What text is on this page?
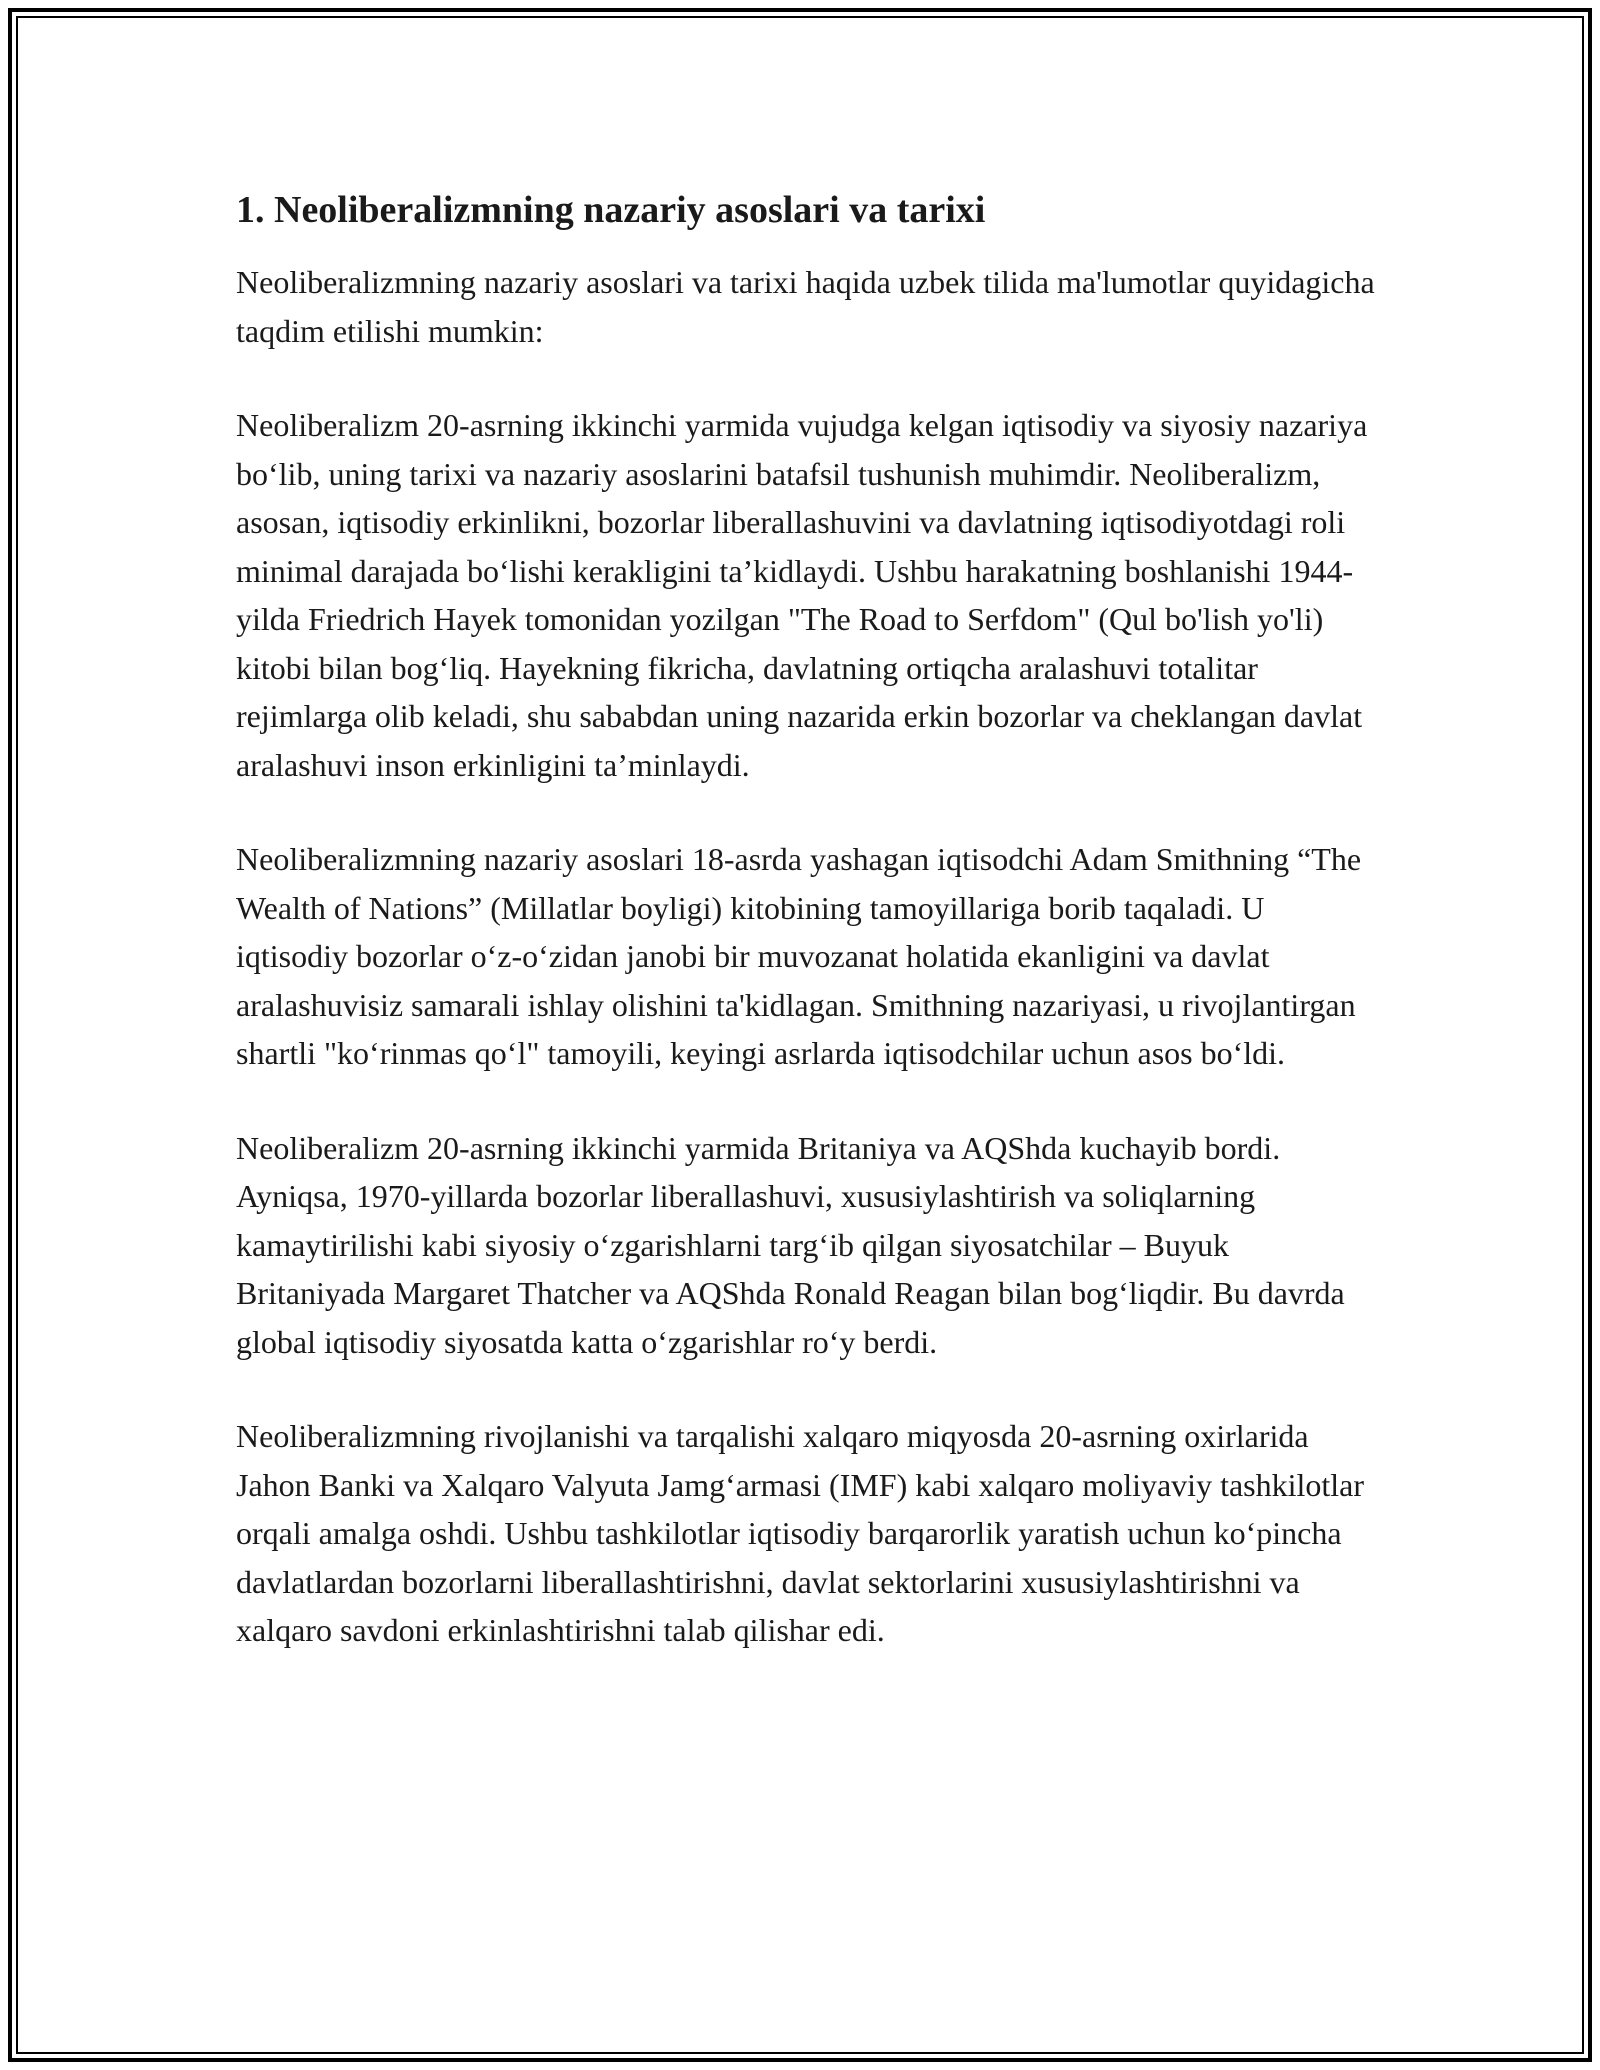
1. Neoliberalizmning nazariy asoslari va tarixi

Neoliberalizmning nazariy asoslari va tarixi haqida uzbek tilida ma'lumotlar quyidagicha taqdim etilishi mumkin:

Neoliberalizm 20-asrning ikkinchi yarmida vujudga kelgan iqtisodiy va siyosiy nazariya bo‘lib, uning tarixi va nazariy asoslarini batafsil tushunish muhimdir. Neoliberalizm, asosan, iqtisodiy erkinlikni, bozorlar liberallashuvini va davlatning iqtisodiyotdagi roli minimal darajada bo‘lishi kerakligini ta’kidlaydi. Ushbu harakatning boshlanishi 1944-yilda Friedrich Hayek tomonidan yozilgan "The Road to Serfdom" (Qul bo'lish yo'li) kitobi bilan bog‘liq. Hayekning fikricha, davlatning ortiqcha aralashuvi totalitar rejimlarga olib keladi, shu sababdan uning nazarida erkin bozorlar va cheklangan davlat aralashuvi inson erkinligini ta’minlaydi.

Neoliberalizmning nazariy asoslari 18-asrda yashagan iqtisodchi Adam Smithning “The Wealth of Nations” (Millatlar boyligi) kitobining tamoyillariga borib taqaladi. U iqtisodiy bozorlar o‘z-o‘zidan janobi bir muvozanat holatida ekanligini va davlat aralashuvisiz samarali ishlay olishini ta'kidlagan. Smithning nazariyasi, u rivojlantirgan shartli "ko‘rinmas qo‘l" tamoyili, keyingi asrlarda iqtisodchilar uchun asos bo‘ldi.

Neoliberalizm 20-asrning ikkinchi yarmida Britaniya va AQShda kuchayib bordi. Ayniqsa, 1970-yillarda bozorlar liberallashuvi, xususiylashtirish va soliqlarning kamaytirilishi kabi siyosiy o‘zgarishlarni targ‘ib qilgan siyosatchilar – Buyuk Britaniyada Margaret Thatcher va AQShda Ronald Reagan bilan bog‘liqdir. Bu davrda global iqtisodiy siyosatda katta o‘zgarishlar ro‘y berdi.

Neoliberalizmning rivojlanishi va tarqalishi xalqaro miqyosda 20-asrning oxirlarida Jahon Banki va Xalqaro Valyuta Jamg‘armasi (IMF) kabi xalqaro moliyaviy tashkilotlar orqali amalga oshdi. Ushbu tashkilotlar iqtisodiy barqarorlik yaratish uchun ko‘pincha davlatlardan bozorlarni liberallashtirishni, davlat sektorlarini xususiylashtirishni va xalqaro savdoni erkinlashtirishni talab qilishar edi.
